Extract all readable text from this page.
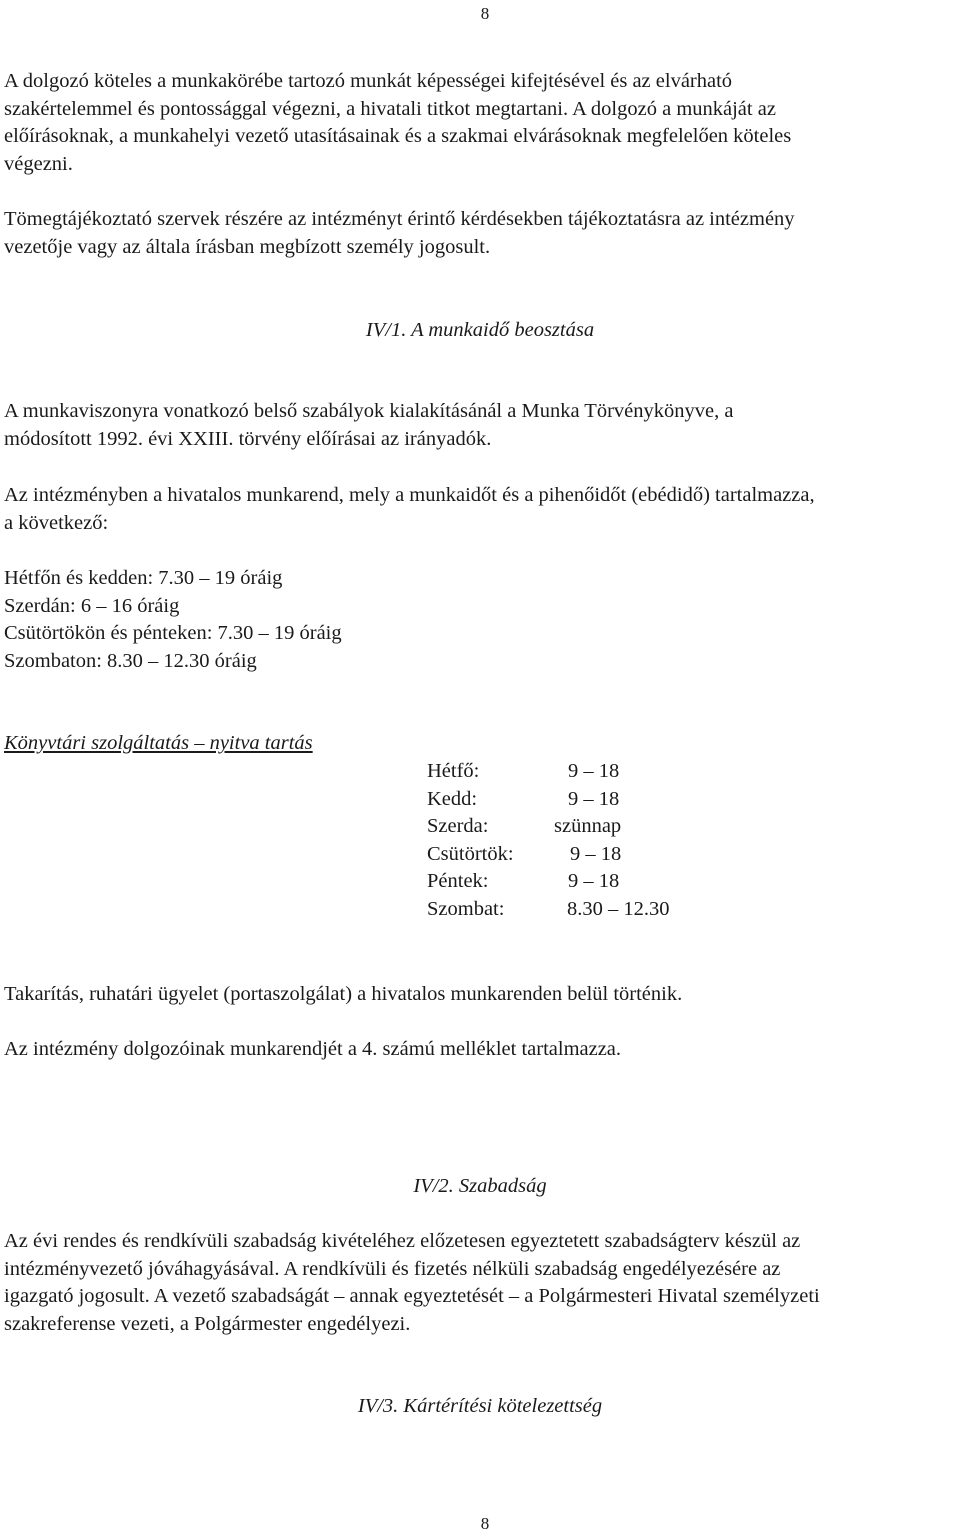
8
A dolgozó köteles a munkakörébe tartozó munkát képességei kifejtésével és az elvárható
szakértelemmel és pontossággal végezni, a hivatali titkot megtartani. A dolgozó a munkáját az
előírásoknak, a munkahelyi vezető utasításainak és a szakmai elvárásoknak megfelelően köteles
végezni.
Tömegtájékoztató szervek részére az intézményt érintő kérdésekben tájékoztatásra az intézmény
vezetője vagy az általa írásban megbízott személy jogosult.
IV/1. A munkaidő beosztása
A munkaviszonyra vonatkozó belső szabályok kialakításánál a Munka Törvénykönyve, a
módosított 1992. évi XXIII. törvény előírásai az irányadók.
Az intézményben a hivatalos munkarend, mely a munkaidőt és a pihenőidőt (ebédidő) tartalmazza,
a következő:
Hétfőn és kedden: 7.30 – 19 óráig
Szerdán: 6 – 16 óráig
Csütörtökön és pénteken: 7.30 – 19 óráig
Szombaton: 8.30 – 12.30 óráig
Könyvtári szolgáltatás – nyitva tartás
Hétfő:	9 – 18
Kedd:	9 – 18
Szerda:	szünnap
Csütörtök:	9 – 18
Péntek:	9 – 18
Szombat:	8.30 – 12.30
Takarítás, ruhatári ügyelet (portaszolgálat) a hivatalos munkarenden belül történik.
Az intézmény dolgozóinak munkarendjét a 4. számú melléklet tartalmazza.
IV/2. Szabadság
Az évi rendes és rendkívüli szabadság kivételéhez előzetesen egyeztetett szabadságterv készül az
intézményvezető jóváhagyásával. A rendkívüli és fizetés nélküli szabadság engedélyezésére az
igazgató jogosult. A vezető szabadságát – annak egyeztetését – a Polgármesteri Hivatal személyzeti
szakreferense vezeti, a Polgármester engedélyezi.
IV/3. Kártérítési kötelezettség
8
